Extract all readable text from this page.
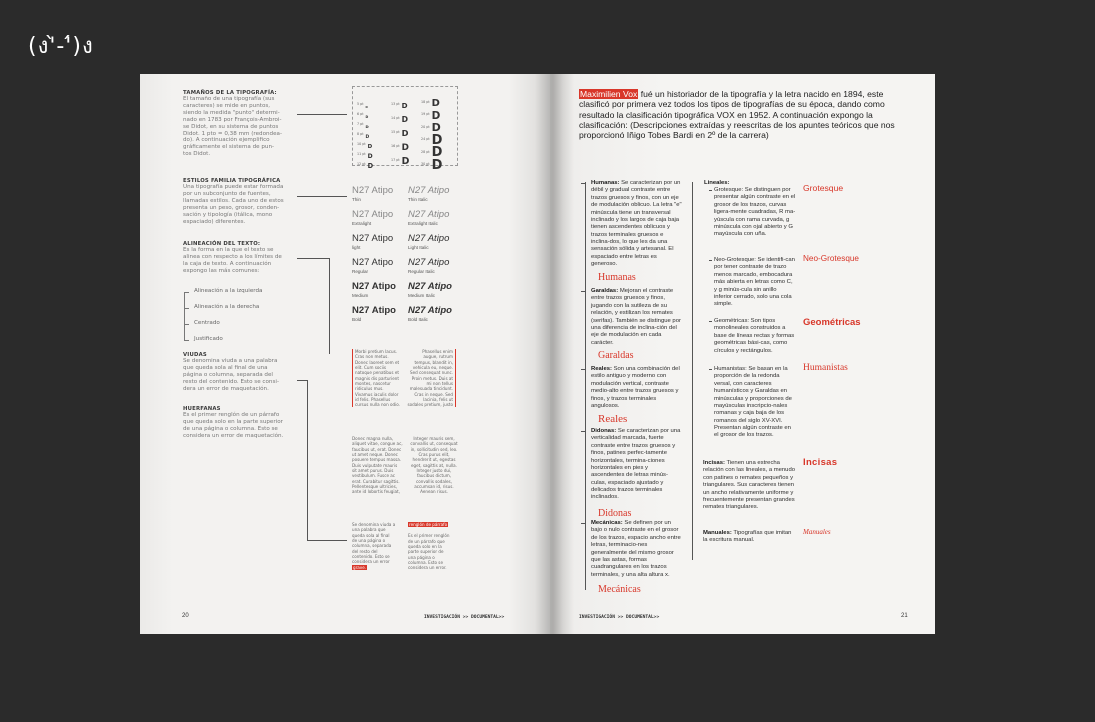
(ง'̀-'́)ง
TAMAÑOS DE LA TIPOGRAFÍA:
El tamaño de una tipografía (sus
caracteres) se mide en puntos,
siendo la medida "punto" determi-
nado en 1783 por François-Ambroi-
se Didot, en su sistema de puntos
Didot. 1 pto = 0,38 mm (redondea-
do). A continuación ejemplifico
gráficamente el sistema de pun-
tos Didot.
5 ptD
6 ptD
7 ptD
8 ptD
10 ptD
11 pt D
12 pt D
13 pt D
14 pt D
15 pt D
16 pt D
17 pt D
18 pt D
19 pt D
20 pt D
24 pt D
28 pt D
30 pt D
ESTILOS FAMILIA TIPOGRÁFICA
Una tipografía puede estar formada
por un subconjunto de fuentes,
llamadas estilos. Cada uno de estos
presenta un peso, grosor, conden-
sación y tipología (itálica, mono
espaciado) diferentes.
N27 Atipo
Thin
N27 Atipo
Thin Italic
N27 Atipo
Extralight
N27 Atipo
Extralight Italic
N27 Atipo
light
N27 Atipo
Light Italic
N27 Atipo
Regular
N27 Atipo
Regular Italic
N27 Atipo
Medium
N27 Atipo
Medium Italic
N27 Atipo
Bold
N27 Atipo
Bold Italic
ALINEACIÓN DEL TEXTO:
Es la forma en la que el texto se
alinea con respecto a los límites de
la caja de texto. A continuación
expongo las más comunes:
Alineación a la izquierda
Alineación a la derecha
Centrado
Justificado
VIUDAS
Se denomina viuda a una palabra
que queda sola al final de una
página o columna, separada del
resto del contenido. Esto se consi-
dera un error de maquetación.
HUERFANAS
Es el primer renglón de un párrafo
que queda solo en la parte superior
de una página o columna. Esto se
considera un error de maquetación.
Morbi pretium lacus.
Cras non metus.
Donec laoreet sem et
elit. Cum sociis
natoque penatibus et
magnis dis parturient
montes, nascetur
ridiculus mus.
Vivamus iaculis dolor
id felis. Phasellus
cursus nulla non odio.
Phasellus enim
augue, rutrum
tempus, blandit in,
vehicula eu, neque.
Sed consequat nunc.
Proin metus. Duis at
mi non tellus
malesuada tincidunt.
Cras in neque. Sed
lacinia, felis ut
sodales pretium, justo
Donec magna nulla,
aliquet vitae, congue ac,
faucibus ut, erat. Donec
ut amet neque. Donec
posuere tempus massa.
Duis vulputate mauris
sit amet purus. Duis
vestibulum. Fusce ac
erat. Curabitur sagittis.
Pellentesque ultricies,
ante id lobortis feugiat,
Integer mauris sem,
convallis ut, consequat
in, sollicitudin sed, leo.
Cras purus elit,
hendrerit ut, egestas
eget, sagittis at, nulla.
Integer justo dui,
faucibus dictum,
convallis sodales,
accumsan id, risus.
Aenean risus.
Se denomina viuda a
una palabra que
queda sola al final
de una página o
columna, separada
del resto del
contenido. Esto se
considera un error
grave.
renglón de párrafo
Es el primer renglón
de un párrafo que
queda solo en la
parte superior de
una página o
columna. Esto se
considera un error.
20	INVESTIGACIÓN >> DOCUMENTAL>>
Maximilien Vox fué un historiador de la tipografía y la letra nacido en 1894, este clasificó por primera vez todos los tipos de tipografías de su época, dando como resultado la clasificación tipográfica VOX en 1952. A continuación expongo la clasificación: (Descripciones extraídas y reescritas de los apuntes teóricos que nos proporcionó Iñigo Tobes Bardi en 2º de la carrera)
Humanas: Se caracterizan por un débil y gradual contraste entre trazos gruesos y finos, con un eje de modulación oblicuo. La letra "e" minúscula tiene un transversal inclinado y los largos de caja baja tienen ascendentes oblicuos y trazos terminales gruesos e inclina-dos, lo que les da una sensación sólida y artesanal. El espaciado entre letras es generoso.
Humanas
Garaldas: Mejoran el contraste entre trazos gruesos y finos, jugando con la sutileza de su relación, y estilizan los remates (serifas). También se distingue por una diferencia de inclina-ción del eje de modulación en cada carácter.
Garaldas
Reales: Son una combinación del estilo antiguo y moderno con modulación vertical, contraste medio-alto entre trazos gruesos y finos, y trazos terminales angulosos.
Reales
Didonas: Se caracterizan por una verticalidad marcada, fuerte contraste entre trazos gruesos y finos, patines perfec-tamente horizontales, termina-ciones horizontales en pies y ascendentes de letras minús-culas, espaciado ajustado y delicados trazos terminales inclinados.
Didonas
Mecánicas: Se definen por un bajo o nulo contraste en el grosor de los trazos, espacio ancho entre letras, terminacio-nes generalmente del mismo grosor que las astas, formas cuadrangulares en los trazos terminales, y una alta altura x.
Mecánicas
Lineales:
Grotesque: Se distinguen por presentar algún contraste en el grosor de los trazos, curvas ligera-mente cuadradas, R ma-yúscula con rama curvada, g minúscula con ojal abierto y G mayúscula con uña.
Grotesque
Neo-Grotesque: Se identifi-can por tener contraste de trazo menos marcado, embocadura más abierta en letras como C, y g minús-cula sin anillo inferior cerrado, solo una cola simple.
Neo-Grotesque
Geométricas: Son tipos monolineales construidos a base de líneas rectas y formas geométricas bási-cas, como círculos y rectángulos.
Geométricas
Humanistas: Se basan en la proporción de la redonda versal, con caracteres humanísticos y Garaldas en minúsculas y proporciones de mayúsculas inscripcio-nales romanas y caja baja de los romanos del siglo XV-XVI. Presentan algún contraste en el grosor de los trazos.
Humanistas
Incisas: Tienen una estrecha relación con las lineales, a menudo con patines o remates pequeños y triangulares. Sus caracteres tienen un ancho relativamente uniforme y frecuentemente presentan grandes remates triangulares.
Incisas
Manuales: Tipografías que imitan la escritura manual.
Manuales
21
INVESTIGACIÓN >> DOCUMENTAL>>
